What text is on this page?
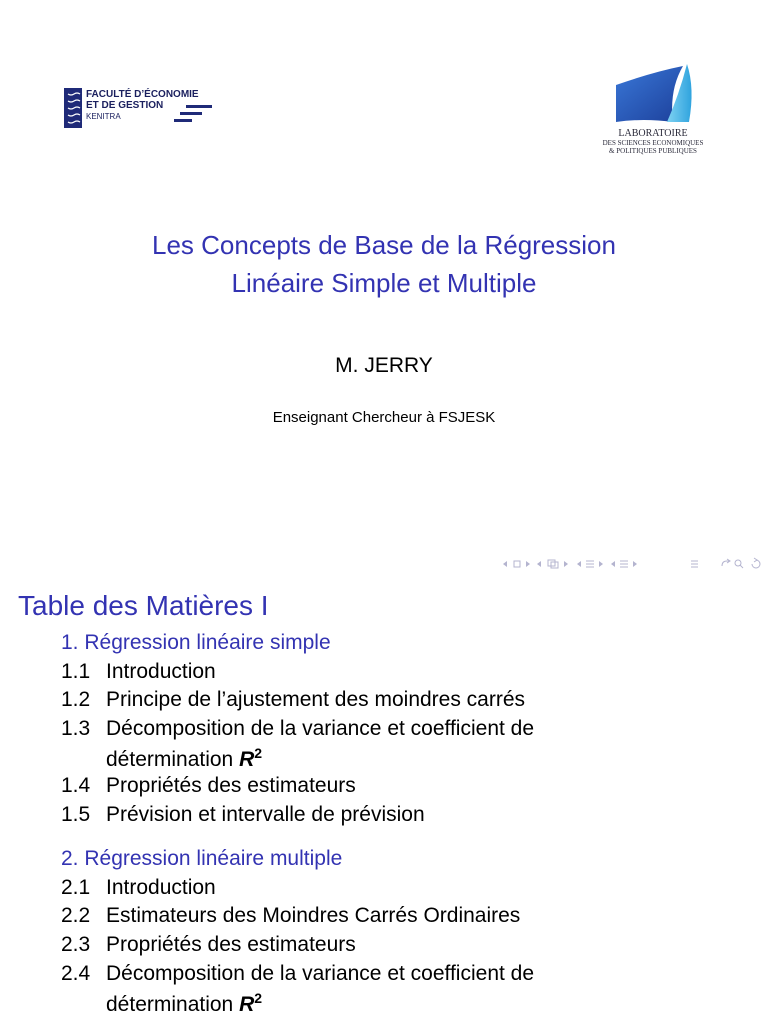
FACULTÉ D’ÉCONOMIE
ET DE GESTION
KENITRA
LABORATOIRE
DES SCIENCES ECONOMIQUES
& POLITIQUES PUBLIQUES
Les Concepts de Base de la Régression
Linéaire Simple et Multiple
M. JERRY
Enseignant Chercheur à FSJESK
Table des Matières I
1. Régression linéaire simple
1.1 Introduction
1.2 Principe de l’ajustement des moindres carrés
1.3 Décomposition de la variance et coefficient de
détermination $R^2$
1.4 Propriétés des estimateurs
1.5 Prévision et intervalle de prévision
2. Régression linéaire multiple
2.1 Introduction
2.2 Estimateurs des Moindres Carrés Ordinaires
2.3 Propriétés des estimateurs
2.4 Décomposition de la variance et coefficient de
détermination $R^2$
